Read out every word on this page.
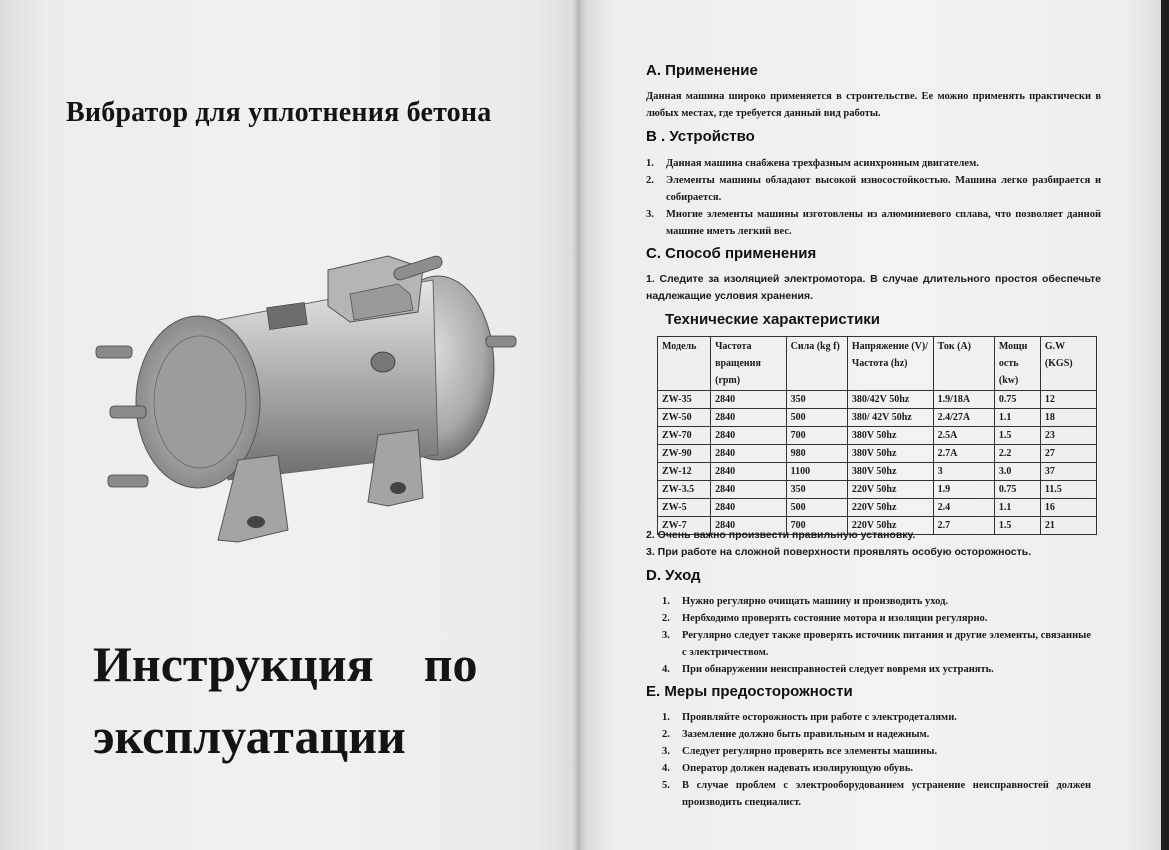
Вибратор для уплотнения бетона
Инструкция    по
эксплуатации
A. Применение

Данная машина широко применяется в строительстве. Ее можно применять практически в любых местах, где требуется данный вид работы.

B . Устройство
1.	Данная машина снабжена трехфазным асинхронным двигателем.
2.	Элементы машины обладают высокой износостойкостью. Машина легко разбирается и собирается.
3.	Многие элементы машины изготовлены из алюминиевого сплава, что позволяет данной машине иметь легкий вес.
C. Способ применения

1. Следите за изоляцией электромотора. В случае длительного простоя обеспечьте надлежащие условия хранения.

Технические характеристики
Модель	Частота вращения (rpm)	Сила (kg f)	Напряжение (V)/ Частота (hz)	Ток (A)	Мощн ость (kw)	G.W (KGS)
ZW-35	2840	350	380/42V 50hz	1.9/18A	0.75	12
ZW-50	2840	500	380/ 42V 50hz	2.4/27A	1.1	18
ZW-70	2840	700	380V 50hz	2.5A	1.5	23
ZW-90	2840	980	380V 50hz	2.7A	2.2	27
ZW-12	2840	1100	380V 50hz	3	3.0	37
ZW-3.5	2840	350	220V 50hz	1.9	0.75	11.5
ZW-5	2840	500	220V 50hz	2.4	1.1	16
ZW-7	2840	700	220V 50hz	2.7	1.5	21
2. Очень важно произвести правильную установку.
3. При работе на сложной поверхности проявлять особую осторожность.
D. Уход
1.	Нужно регулярно очищать машину и производить уход.
2.	Нербходимо проверять состояние мотора и изоляции регулярно.
3.	Регулярно следует также проверять источник питания и другие элементы, связанные с электричеством.
4.	При обнаружении неисправностей следует вовремя их устранять.
E. Меры предосторожности
1.	Проявляйте осторожность при работе с электродеталями.
2.	Заземление должно быть правильным и надежным.
3.	Следует регулярно проверять все элементы машины.
4.	Оператор должен надевать изолирующую обувь.
5.	В случае проблем с электрооборудованием устранение неисправностей должен производить специалист.
